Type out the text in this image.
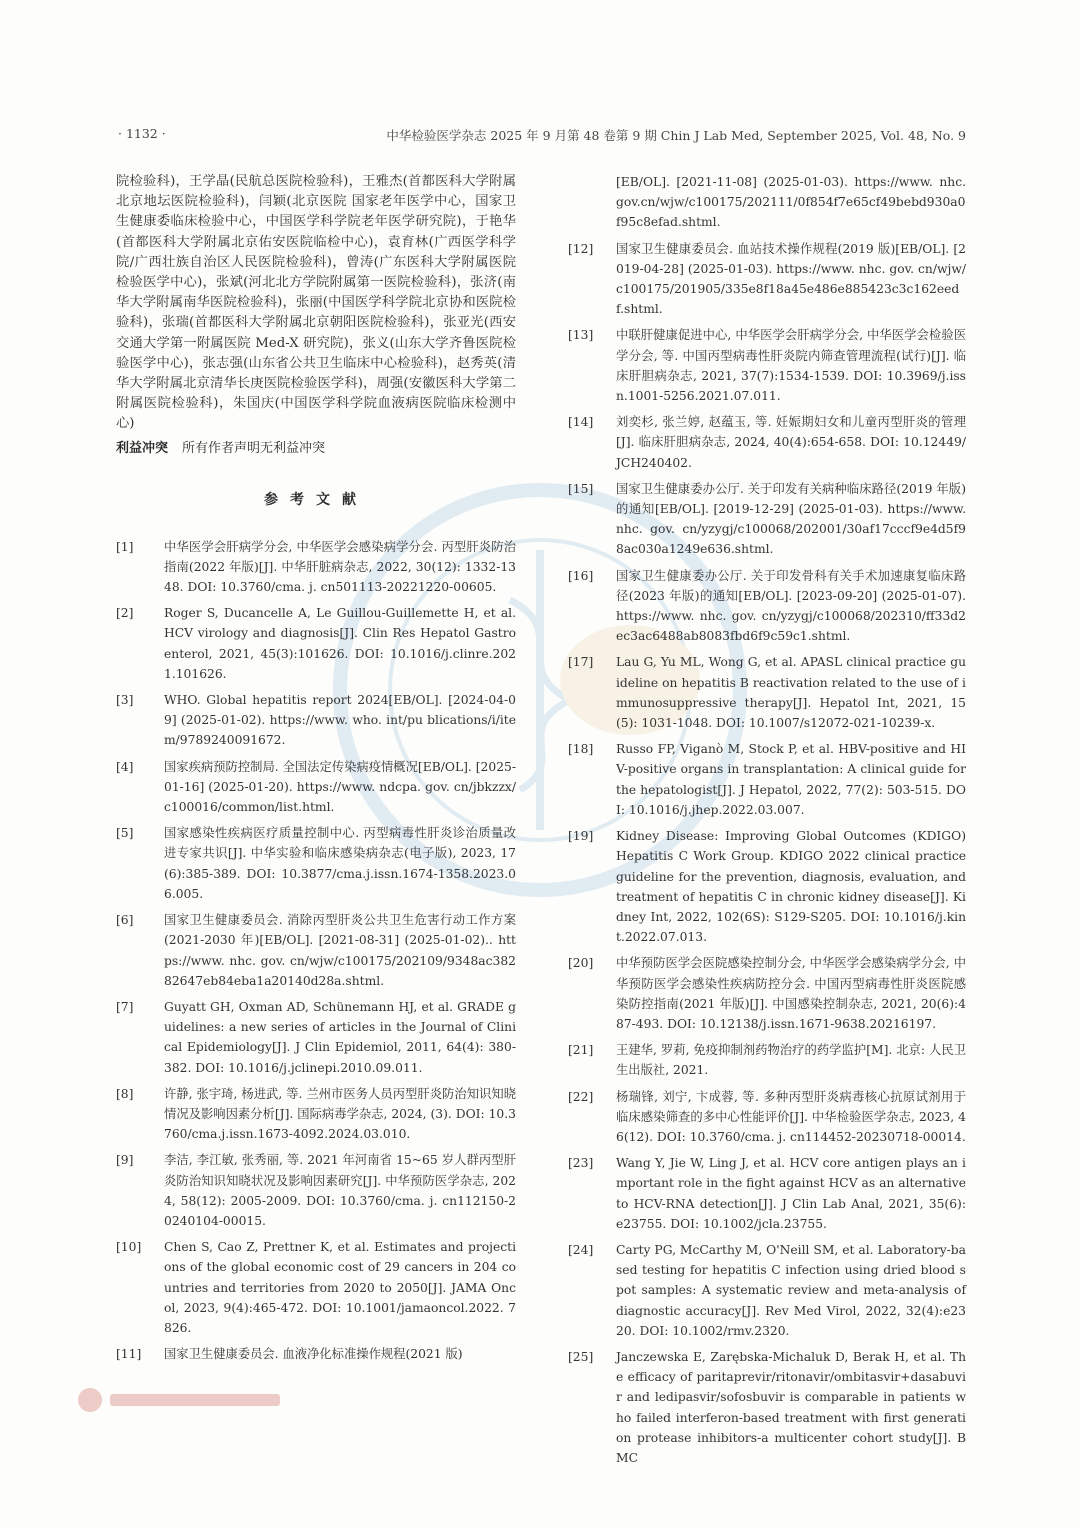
· 1132 ·	中华检验医学杂志 2025 年 9 月第 48 卷第 9 期 Chin J Lab Med, September 2025, Vol. 48, No. 9

院检验科)，王学晶(民航总医院检验科)，王雅杰(首都医科大学附属北京地坛医院检验科)，闫颖(北京医院 国家老年医学中心，国家卫生健康委临床检验中心，中国医学科学院老年医学研究院)，于艳华(首都医科大学附属北京佑安医院临检中心)，袁育林(广西医学科学院/广西壮族自治区人民医院检验科)，曾涛(广东医科大学附属医院检验医学中心)，张斌(河北北方学院附属第一医院检验科)，张济(南华大学附属南华医院检验科)，张丽(中国医学科学院北京协和医院检验科)，张瑞(首都医科大学附属北京朝阳医院检验科)，张亚光(西安交通大学第一附属医院 Med-X 研究院)，张义(山东大学齐鲁医院检验医学中心)，张志强(山东省公共卫生临床中心检验科)，赵秀英(清华大学附属北京清华长庚医院检验医学科)，周强(安徽医科大学第二附属医院检验科)，朱国庆(中国医学科学院血液病医院临床检测中心)

利益冲突 所有作者声明无利益冲突

参考文献
[1]	中华医学会肝病学分会, 中华医学会感染病学分会. 丙型肝炎防治指南(2022 年版)[J]. 中华肝脏病杂志, 2022, 30(12): 1332-1348. DOI: 10.3760/cma. j. cn501113-20221220-00605.
[2]	Roger S, Ducancelle A, Le Guillou-Guillemette H, et al. HCV virology and diagnosis[J]. Clin Res Hepatol Gastroenterol, 2021, 45(3):101626. DOI: 10.1016/j.clinre.2021.101626.
[3]	WHO. Global hepatitis report 2024[EB/OL]. [2024-04-09] (2025-01-02). https://www. who. int/pu blications/i/item/9789240091672.
[4]	国家疾病预防控制局. 全国法定传染病疫情概况[EB/OL]. [2025-01-16] (2025-01-20). https://www. ndcpa. gov. cn/jbkzzx/c100016/common/list.html.
[5]	国家感染性疾病医疗质量控制中心. 丙型病毒性肝炎诊治质量改进专家共识[J]. 中华实验和临床感染病杂志(电子版), 2023, 17(6):385-389. DOI: 10.3877/cma.j.issn.1674-1358.2023.06.005.
[6]	国家卫生健康委员会. 消除丙型肝炎公共卫生危害行动工作方案(2021-2030 年)[EB/OL]. [2021-08-31] (2025-01-02).. https://www. nhc. gov. cn/wjw/c100175/202109/9348ac38282647eb84eba1a20140d28a.shtml.
[7]	Guyatt GH, Oxman AD, Schünemann HJ, et al. GRADE guidelines: a new series of articles in the Journal of Clinical Epidemiology[J]. J Clin Epidemiol, 2011, 64(4): 380-382. DOI: 10.1016/j.jclinepi.2010.09.011.
[8]	许静, 张宇琦, 杨进武, 等. 兰州市医务人员丙型肝炎防治知识知晓情况及影响因素分析[J]. 国际病毒学杂志, 2024, (3). DOI: 10.3760/cma.j.issn.1673-4092.2024.03.010.
[9]	李洁, 李江敏, 张秀丽, 等. 2021 年河南省 15~65 岁人群丙型肝炎防治知识知晓状况及影响因素研究[J]. 中华预防医学杂志, 2024, 58(12): 2005-2009. DOI: 10.3760/cma. j. cn112150-20240104-00015.
[10]	Chen S, Cao Z, Prettner K, et al. Estimates and projections of the global economic cost of 29 cancers in 204 countries and territories from 2020 to 2050[J]. JAMA Oncol, 2023, 9(4):465-472. DOI: 10.1001/jamaoncol.2022. 7826.
[11]	国家卫生健康委员会. 血液净化标准操作规程(2021 版)
[EB/OL]. [2021-11-08] (2025-01-03). https://www. nhc. gov.cn/wjw/c100175/202111/0f854f7e65cf49bebd930a0f95c8efad.shtml.
[12]	国家卫生健康委员会. 血站技术操作规程(2019 版)[EB/OL]. [2019-04-28] (2025-01-03). https://www. nhc. gov. cn/wjw/c100175/201905/335e8f18a45e486e885423c3c162eedf.shtml.
[13]	中联肝健康促进中心, 中华医学会肝病学分会, 中华医学会检验医学分会, 等. 中国丙型病毒性肝炎院内筛查管理流程(试行)[J]. 临床肝胆病杂志, 2021, 37(7):1534-1539. DOI: 10.3969/j.issn.1001-5256.2021.07.011.
[14]	刘奕杉, 张兰婷, 赵蕴玉, 等. 妊娠期妇女和儿童丙型肝炎的管理[J]. 临床肝胆病杂志, 2024, 40(4):654-658. DOI: 10.12449/JCH240402.
[15]	国家卫生健康委办公厅. 关于印发有关病种临床路径(2019 年版)的通知[EB/OL]. [2019-12-29] (2025-01-03). https://www. nhc. gov. cn/yzygj/c100068/202001/30af17cccf9e4d5f98ac030a1249e636.shtml.
[16]	国家卫生健康委办公厅. 关于印发骨科有关手术加速康复临床路径(2023 年版)的通知[EB/OL]. [2023-09-20] (2025-01-07). https://www. nhc. gov. cn/yzygj/c100068/202310/ff33d2ec3ac6488ab8083fbd6f9c59c1.shtml.
[17]	Lau G, Yu ML, Wong G, et al. APASL clinical practice guideline on hepatitis B reactivation related to the use of immunosuppressive therapy[J]. Hepatol Int, 2021, 15(5): 1031-1048. DOI: 10.1007/s12072-021-10239-x.
[18]	Russo FP, Viganò M, Stock P, et al. HBV-positive and HIV-positive organs in transplantation: A clinical guide for the hepatologist[J]. J Hepatol, 2022, 77(2): 503-515. DOI: 10.1016/j.jhep.2022.03.007.
[19]	Kidney Disease: Improving Global Outcomes (KDIGO) Hepatitis C Work Group. KDIGO 2022 clinical practice guideline for the prevention, diagnosis, evaluation, and treatment of hepatitis C in chronic kidney disease[J]. Kidney Int, 2022, 102(6S): S129-S205. DOI: 10.1016/j.kint.2022.07.013.
[20]	中华预防医学会医院感染控制分会, 中华医学会感染病学分会, 中华预防医学会感染性疾病防控分会. 中国丙型病毒性肝炎医院感染防控指南(2021 年版)[J]. 中国感染控制杂志, 2021, 20(6):487-493. DOI: 10.12138/j.issn.1671-9638.20216197.
[21]	王建华, 罗莉, 免疫抑制剂药物治疗的药学监护[M]. 北京: 人民卫生出版社, 2021.
[22]	杨瑞锋, 刘宁, 卞成蓉, 等. 多种丙型肝炎病毒核心抗原试剂用于临床感染筛查的多中心性能评价[J]. 中华检验医学杂志, 2023, 46(12). DOI: 10.3760/cma. j. cn114452-20230718-00014.
[23]	Wang Y, Jie W, Ling J, et al. HCV core antigen plays an important role in the fight against HCV as an alternative to HCV-RNA detection[J]. J Clin Lab Anal, 2021, 35(6): e23755. DOI: 10.1002/jcla.23755.
[24]	Carty PG, McCarthy M, O'Neill SM, et al. Laboratory-based testing for hepatitis C infection using dried blood spot samples: A systematic review and meta-analysis of diagnostic accuracy[J]. Rev Med Virol, 2022, 32(4):e2320. DOI: 10.1002/rmv.2320.
[25]	Janczewska E, Zarębska-Michaluk D, Berak H, et al. The efficacy of paritaprevir/ritonavir/ombitasvir+dasabuvir and ledipasvir/sofosbuvir is comparable in patients who failed interferon-based treatment with first generation protease inhibitors-a multicenter cohort study[J]. BMC
